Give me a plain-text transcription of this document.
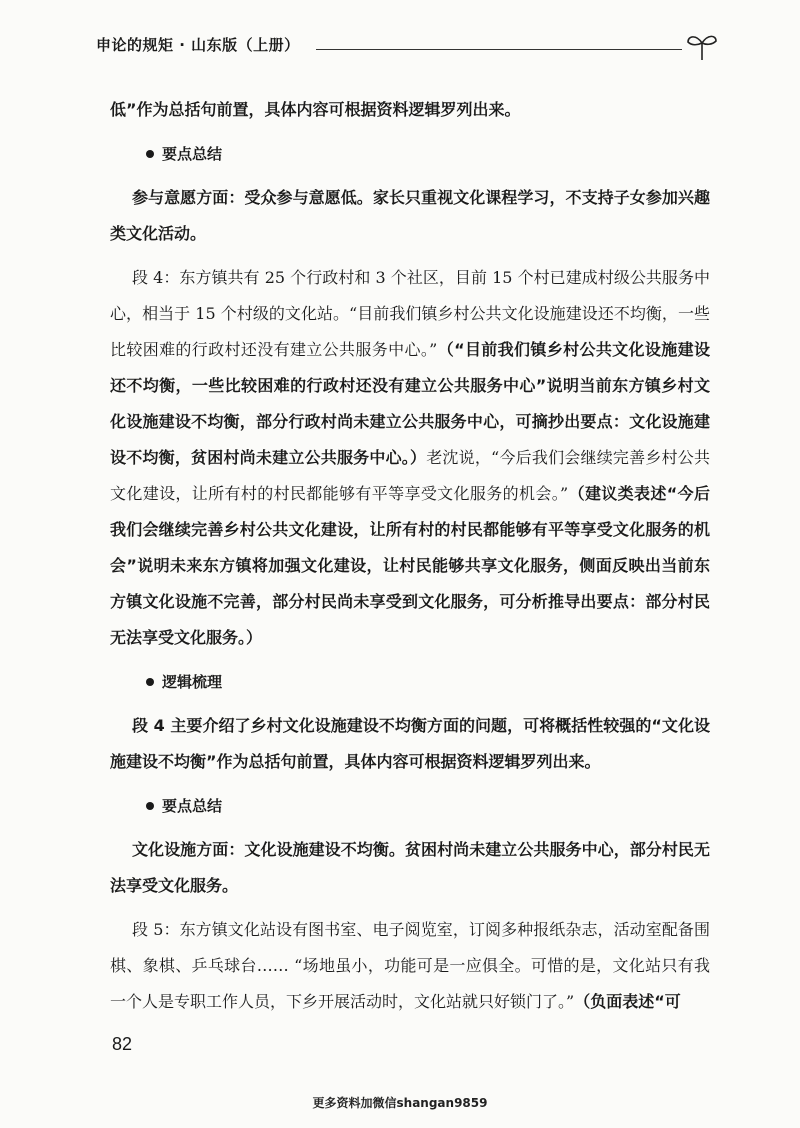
申论的规矩 · 山东版（上册）

低”作为总括句前置，具体内容可根据资料逻辑罗列出来。

要点总结

参与意愿方面：受众参与意愿低。家长只重视文化课程学习，不支持子女参加兴趣类文化活动。

段 4：东方镇共有 25 个行政村和 3 个社区，目前 15 个村已建成村级公共服务中心，相当于 15 个村级的文化站。“目前我们镇乡村公共文化设施建设还不均衡，一些比较困难的行政村还没有建立公共服务中心。”（“目前我们镇乡村公共文化设施建设还不均衡，一些比较困难的行政村还没有建立公共服务中心”说明当前东方镇乡村文化设施建设不均衡，部分行政村尚未建立公共服务中心，可摘抄出要点：文化设施建设不均衡，贫困村尚未建立公共服务中心。）老沈说，“今后我们会继续完善乡村公共文化建设，让所有村的村民都能够有平等享受文化服务的机会。”（建议类表述“今后我们会继续完善乡村公共文化建设，让所有村的村民都能够有平等享受文化服务的机会”说明未来东方镇将加强文化建设，让村民能够共享文化服务，侧面反映出当前东方镇文化设施不完善，部分村民尚未享受到文化服务，可分析推导出要点：部分村民无法享受文化服务。）

逻辑梳理

段 4 主要介绍了乡村文化设施建设不均衡方面的问题，可将概括性较强的“文化设施建设不均衡”作为总括句前置，具体内容可根据资料逻辑罗列出来。

要点总结

文化设施方面：文化设施建设不均衡。贫困村尚未建立公共服务中心，部分村民无法享受文化服务。

段 5：东方镇文化站设有图书室、电子阅览室，订阅多种报纸杂志，活动室配备围棋、象棋、乒乓球台…… “场地虽小，功能可是一应俱全。可惜的是，文化站只有我一个人是专职工作人员，下乡开展活动时，文化站就只好锁门了。”（负面表述“可

82
更多资料加微信shangan9859
